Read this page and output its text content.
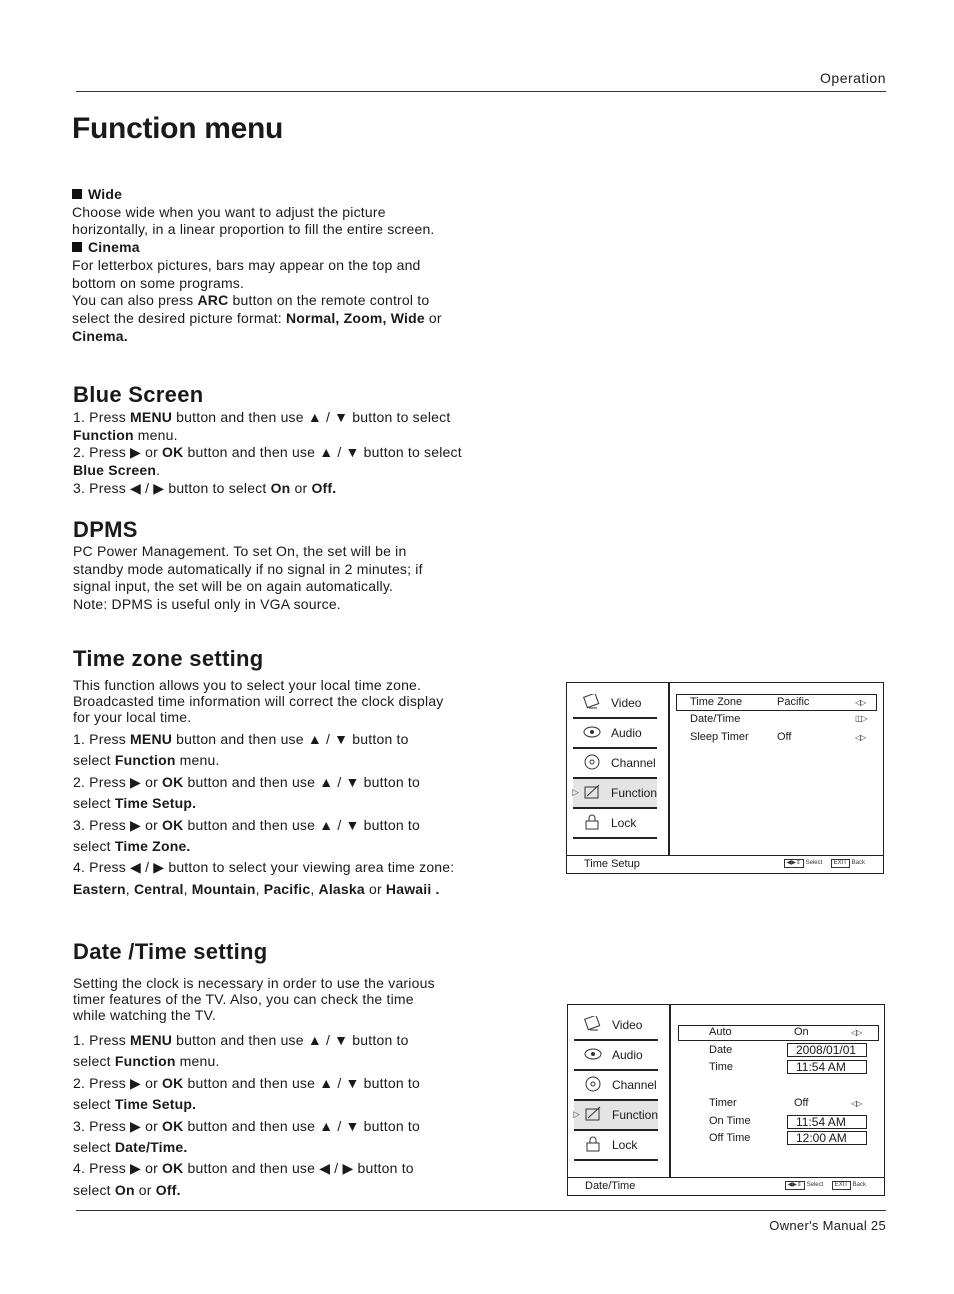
Operation
Function menu
Wide
Choose wide when you want to adjust the picture
horizontally, in a linear proportion to fill the entire screen.
Cinema
For letterbox pictures, bars may appear on the top and
bottom on some programs.
You can also press ARC button on the remote control to
select the desired picture format: Normal, Zoom, Wide or
Cinema.
Blue Screen
1. Press MENU button and then use ▲ / ▼ button to select
Function menu.
2. Press ▶ or OK button and then use ▲ / ▼ button to select
Blue Screen.
3. Press ◀ / ▶ button to select On or Off.
DPMS
PC Power Management. To set On, the set will be in
standby mode automatically if no signal in 2 minutes; if
signal input, the set will be on again automatically.
Note: DPMS is useful only in VGA source.
Time zone setting
This function allows you to select your local time zone.
Broadcasted time information will correct the clock display
for your local time.
1. Press MENU button and then use ▲ / ▼ button to
select Function menu.
2. Press ▶ or OK button and then use ▲ / ▼ button to
select Time Setup.
3. Press ▶ or OK button and then use ▲ / ▼ button to
select Time Zone.
4. Press ◀ / ▶ button to select your viewing area time zone:
Eastern, Central, Mountain, Pacific, Alaska or Hawaii .
Date /Time setting
Setting the clock is necessary in order to use the various
timer features of the TV. Also, you can check the time
while watching the TV.
1. Press MENU button and then use ▲ / ▼ button to
select Function menu.
2. Press ▶ or OK button and then use ▲ / ▼ button to
select Time Setup.
3. Press ▶ or OK button and then use ▲ / ▼ button to
select Date/Time.
4. Press ▶ or OK button and then use ◀ / ▶ button to
select On or Off.
Video
Audio
Channel
▷	Function
Lock
Time Zone	Pacific	◁▷
Date/Time	◫▷
Sleep Timer	Off	◁▷
Time Setup	◀▶⇕ Select EXIT Back
Video
Audio
Channel
▷	Function
Lock
Auto	On	◁▷
Date	2008/01/01
Time	11:54 AM
Timer	Off	◁▷
On Time	11:54 AM
Off Time	12:00 AM
Date/Time	◀▶⇕ Select EXIT Back
Owner's Manual 25
